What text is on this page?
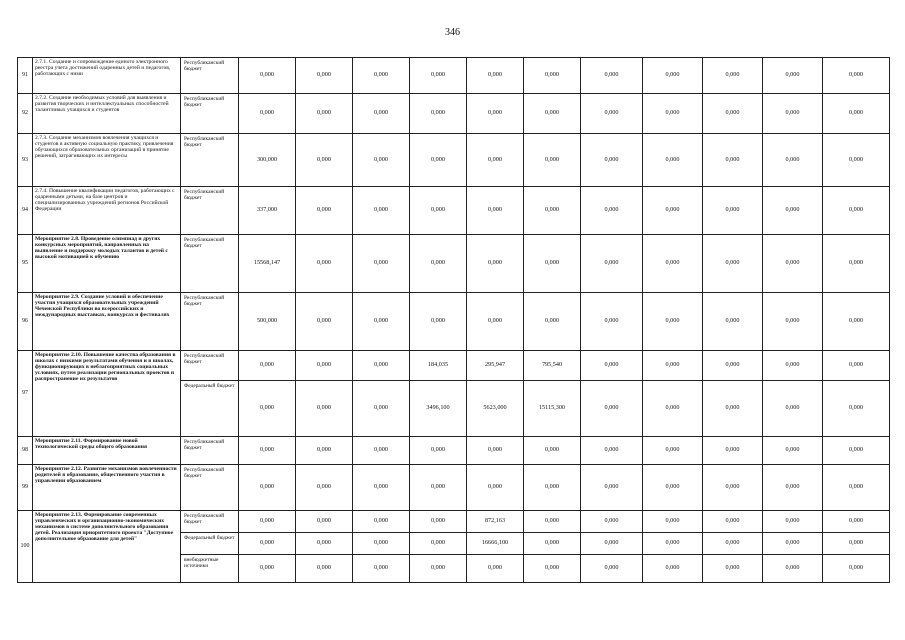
346
91	2.7.1. Создание и сопровождение единого электронного реестра учета достижений одаренных детей и педагогов, работающих с ними	Республиканский бюджет	0,000	0,000	0,000	0,000	0,000	0,000	0,000	0,000	0,000	0,000	0,000
92	2.7.2. Создание необходимых условий для выявления и развития творческих и интеллектуальных способностей талантливых учащихся и студентов	Республиканский бюджет	0,000	0,000	0,000	0,000	0,000	0,000	0,000	0,000	0,000	0,000	0,000
93	2.7.3. Создание механизмов вовлечения учащихся и студентов в активную социальную практику, привлечения обучающихся образовательных организаций в принятие решений, затрагивающих их интересы	Республиканский бюджет	300,000	0,000	0,000	0,000	0,000	0,000	0,000	0,000	0,000	0,000	0,000
94	2.7.4. Повышение квалификации педагогов, работающих с одаренными детьми, на базе центров и специализированных учреждений регионов Российской Федерации	Республиканский бюджет	337,000	0,000	0,000	0,000	0,000	0,000	0,000	0,000	0,000	0,000	0,000
95	Мероприятие 2.8. Проведение олимпиад и других конкурсных мероприятий, направленных на выявление и поддержку молодых талантов и детей с высокой мотивацией к обучению	Республиканский бюджет	15568,147	0,000	0,000	0,000	0,000	0,000	0,000	0,000	0,000	0,000	0,000
96	Мероприятие 2.9. Создание условий и обеспечение участия учащихся образовательных учреждений Чеченской Республики во всероссийских и международных выставках, конкурсах и фестивалях	Республиканский бюджет	500,000	0,000	0,000	0,000	0,000	0,000	0,000	0,000	0,000	0,000	0,000
97	Мероприятие 2.10. Повышение качества образования в школах с низкими результатами обучения и в школах, функционирующих в неблагоприятных социальных условиях, путем реализации региональных проектов и распространение их результатов	Республиканский бюджет	0,000	0,000	0,000	184,035	295,947	795,540	0,000	0,000	0,000	0,000	0,000
		Федеральный бюджет	0,000	0,000	0,000	3496,100	5623,000	15115,300	0,000	0,000	0,000	0,000	0,000
98	Мероприятие 2.11. Формирование новой технологической среды общего образования	Республиканский бюджет	0,000	0,000	0,000	0,000	0,000	0,000	0,000	0,000	0,000	0,000	0,000
99	Мероприятие 2.12. Развитие механизмов вовлеченности родителей в образование, общественного участия в управлении образованием	Республиканский бюджет	0,000	0,000	0,000	0,000	0,000	0,000	0,000	0,000	0,000	0,000	0,000
100	Мероприятие 2.13. Формирование современных управленческих и организационно-экономических механизмов в системе дополнительного образования детей. Реализация приоритетного проекта "Доступное дополнительное образование для детей"	Республиканский бюджет	0,000	0,000	0,000	0,000	872,163	0,000	0,000	0,000	0,000	0,000	0,000
		Федеральный бюджет	0,000	0,000	0,000	0,000	16666,100	0,000	0,000	0,000	0,000	0,000	0,000
		внебюджетные источники	0,000	0,000	0,000	0,000	0,000	0,000	0,000	0,000	0,000	0,000	0,000
